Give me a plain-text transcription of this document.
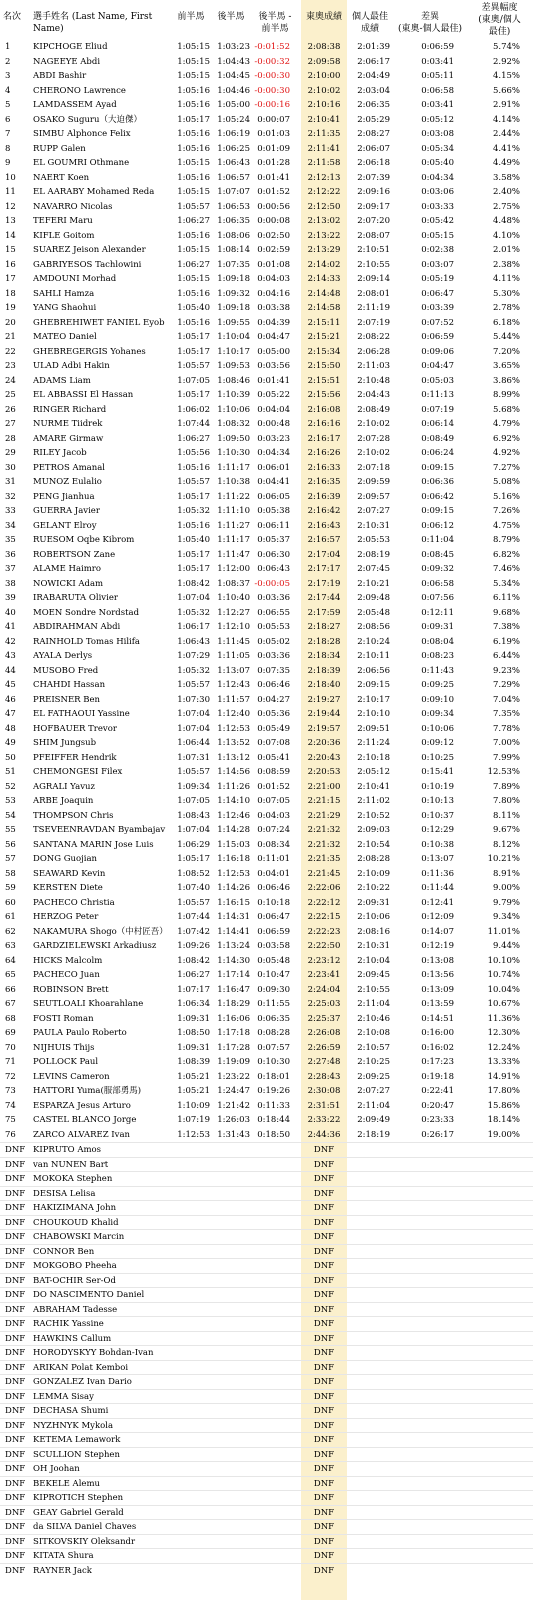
名次	選手姓名 (Last Name, First
Name)
前半馬	後半馬	後半馬 -
前半馬
東奧成績	個人最佳
成績
差異
(東奧-個人最佳)
差異幅度
(東奧/個人
最佳)
1	KIPCHOGE Eliud	1:05:15 1:03:23 -0:01:52	2:08:38	2:01:39	0:06:59	5.74%
2	NAGEEYE Abdi	1:05:15 1:04:43 -0:00:32	2:09:58	2:06:17	0:03:41	2.92%
3	ABDI Bashir	1:05:15 1:04:45 -0:00:30	2:10:00	2:04:49	0:05:11	4.15%
4	CHERONO Lawrence	1:05:16 1:04:46 -0:00:30	2:10:02	2:03:04	0:06:58	5.66%
5	LAMDASSEM Ayad	1:05:16 1:05:00 -0:00:16	2:10:16	2:06:35	0:03:41	2.91%
6	OSAKO Suguru（大迫傑）	1:05:17 1:05:24 0:00:07	2:10:41	2:05:29	0:05:12	4.14%
7	SIMBU Alphonce Felix	1:05:16 1:06:19 0:01:03	2:11:35	2:08:27	0:03:08	2.44%
8	RUPP Galen	1:05:16 1:06:25 0:01:09	2:11:41	2:06:07	0:05:34	4.41%
9	EL GOUMRI Othmane	1:05:15 1:06:43 0:01:28	2:11:58	2:06:18	0:05:40	4.49%
10	NAERT Koen	1:05:16 1:06:57 0:01:41	2:12:13	2:07:39	0:04:34	3.58%
11	EL AARABY Mohamed Reda	1:05:15 1:07:07 0:01:52	2:12:22	2:09:16	0:03:06	2.40%
12	NAVARRO Nicolas	1:05:57 1:06:53 0:00:56	2:12:50	2:09:17	0:03:33	2.75%
13	TEFERI Maru	1:06:27 1:06:35 0:00:08	2:13:02	2:07:20	0:05:42	4.48%
14	KIFLE Goitom	1:05:16 1:08:06 0:02:50	2:13:22	2:08:07	0:05:15	4.10%
15	SUAREZ Jeison Alexander	1:05:15 1:08:14 0:02:59	2:13:29	2:10:51	0:02:38	2.01%
16	GABRIYESOS Tachlowini	1:06:27 1:07:35 0:01:08	2:14:02	2:10:55	0:03:07	2.38%
17	AMDOUNI Morhad	1:05:15 1:09:18 0:04:03	2:14:33	2:09:14	0:05:19	4.11%
18	SAHLI Hamza	1:05:16 1:09:32 0:04:16	2:14:48	2:08:01	0:06:47	5.30%
19	YANG Shaohui	1:05:40 1:09:18 0:03:38	2:14:58	2:11:19	0:03:39	2.78%
20	GHEBREHIWET FANIEL Eyob	1:05:16 1:09:55 0:04:39	2:15:11	2:07:19	0:07:52	6.18%
21	MATEO Daniel	1:05:17 1:10:04 0:04:47	2:15:21	2:08:22	0:06:59	5.44%
22	GHEBREGERGIS Yohanes	1:05:17 1:10:17 0:05:00	2:15:34	2:06:28	0:09:06	7.20%
23	ULAD Adbi Hakin	1:05:57 1:09:53 0:03:56	2:15:50	2:11:03	0:04:47	3.65%
24	ADAMS Liam	1:07:05 1:08:46 0:01:41	2:15:51	2:10:48	0:05:03	3.86%
25	EL ABBASSI El Hassan	1:05:17 1:10:39 0:05:22	2:15:56	2:04:43	0:11:13	8.99%
26	RINGER Richard	1:06:02 1:10:06 0:04:04	2:16:08	2:08:49	0:07:19	5.68%
27	NURME Tiidrek	1:07:44 1:08:32 0:00:48	2:16:16	2:10:02	0:06:14	4.79%
28	AMARE Girmaw	1:06:27 1:09:50 0:03:23	2:16:17	2:07:28	0:08:49	6.92%
29	RILEY Jacob	1:05:56 1:10:30 0:04:34	2:16:26	2:10:02	0:06:24	4.92%
30	PETROS Amanal	1:05:16 1:11:17 0:06:01	2:16:33	2:07:18	0:09:15	7.27%
31	MUNOZ Eulalio	1:05:57 1:10:38 0:04:41	2:16:35	2:09:59	0:06:36	5.08%
32	PENG Jianhua	1:05:17 1:11:22 0:06:05	2:16:39	2:09:57	0:06:42	5.16%
33	GUERRA Javier	1:05:32 1:11:10 0:05:38	2:16:42	2:07:27	0:09:15	7.26%
34	GELANT Elroy	1:05:16 1:11:27 0:06:11	2:16:43	2:10:31	0:06:12	4.75%
35	RUESOM Oqbe Kibrom	1:05:40 1:11:17 0:05:37	2:16:57	2:05:53	0:11:04	8.79%
36	ROBERTSON Zane	1:05:17 1:11:47 0:06:30	2:17:04	2:08:19	0:08:45	6.82%
37	ALAME Haimro	1:05:17 1:12:00 0:06:43	2:17:17	2:07:45	0:09:32	7.46%
38	NOWICKI Adam	1:08:42 1:08:37 -0:00:05	2:17:19	2:10:21	0:06:58	5.34%
39	IRABARUTA Olivier	1:07:04 1:10:40 0:03:36	2:17:44	2:09:48	0:07:56	6.11%
40	MOEN Sondre Nordstad	1:05:32 1:12:27 0:06:55	2:17:59	2:05:48	0:12:11	9.68%
41	ABDIRAHMAN Abdi	1:06:17 1:12:10 0:05:53	2:18:27	2:08:56	0:09:31	7.38%
42	RAINHOLD Tomas Hilifa	1:06:43 1:11:45 0:05:02	2:18:28	2:10:24	0:08:04	6.19%
43	AYALA Derlys	1:07:29 1:11:05 0:03:36	2:18:34	2:10:11	0:08:23	6.44%
44	MUSOBO Fred	1:05:32 1:13:07 0:07:35	2:18:39	2:06:56	0:11:43	9.23%
45	CHAHDI Hassan	1:05:57 1:12:43 0:06:46	2:18:40	2:09:15	0:09:25	7.29%
46	PREISNER Ben	1:07:30 1:11:57 0:04:27	2:19:27	2:10:17	0:09:10	7.04%
47	EL FATHAOUI Yassine	1:07:04 1:12:40 0:05:36	2:19:44	2:10:10	0:09:34	7.35%
48	HOFBAUER Trevor	1:07:04 1:12:53 0:05:49	2:19:57	2:09:51	0:10:06	7.78%
49	SHIM Jungsub	1:06:44 1:13:52 0:07:08	2:20:36	2:11:24	0:09:12	7.00%
50	PFEIFFER Hendrik	1:07:31 1:13:12 0:05:41	2:20:43	2:10:18	0:10:25	7.99%
51	CHEMONGESI Filex	1:05:57 1:14:56 0:08:59	2:20:53	2:05:12	0:15:41	12.53%
52	AGRALI Yavuz	1:09:34 1:11:26 0:01:52	2:21:00	2:10:41	0:10:19	7.89%
53	ARBE Joaquin	1:07:05 1:14:10 0:07:05	2:21:15	2:11:02	0:10:13	7.80%
54	THOMPSON Chris	1:08:43 1:12:46 0:04:03	2:21:29	2:10:52	0:10:37	8.11%
55	TSEVEENRAVDAN Byambajav	1:07:04 1:14:28 0:07:24	2:21:32	2:09:03	0:12:29	9.67%
56	SANTANA MARIN Jose Luis	1:06:29 1:15:03 0:08:34	2:21:32	2:10:54	0:10:38	8.12%
57	DONG Guojian	1:05:17 1:16:18 0:11:01	2:21:35	2:08:28	0:13:07	10.21%
58	SEAWARD Kevin	1:08:52 1:12:53 0:04:01	2:21:45	2:10:09	0:11:36	8.91%
59	KERSTEN Diete	1:07:40 1:14:26 0:06:46	2:22:06	2:10:22	0:11:44	9.00%
60	PACHECO Christia	1:05:57 1:16:15 0:10:18	2:22:12	2:09:31	0:12:41	9.79%
61	HERZOG Peter	1:07:44 1:14:31 0:06:47	2:22:15	2:10:06	0:12:09	9.34%
62	NAKAMURA Shogo（中村匠吾）	1:07:42 1:14:41 0:06:59	2:22:23	2:08:16	0:14:07	11.01%
63	GARDZIELEWSKI Arkadiusz	1:09:26 1:13:24 0:03:58	2:22:50	2:10:31	0:12:19	9.44%
64	HICKS Malcolm	1:08:42 1:14:30 0:05:48	2:23:12	2:10:04	0:13:08	10.10%
65	PACHECO Juan	1:06:27 1:17:14 0:10:47	2:23:41	2:09:45	0:13:56	10.74%
66	ROBINSON Brett	1:07:17 1:16:47 0:09:30	2:24:04	2:10:55	0:13:09	10.04%
67	SEUTLOALI Khoarahlane	1:06:34 1:18:29 0:11:55	2:25:03	2:11:04	0:13:59	10.67%
68	FOSTI Roman	1:09:31 1:16:06 0:06:35	2:25:37	2:10:46	0:14:51	11.36%
69	PAULA Paulo Roberto	1:08:50 1:17:18 0:08:28	2:26:08	2:10:08	0:16:00	12.30%
70	NIJHUIS Thijs	1:09:31 1:17:28 0:07:57	2:26:59	2:10:57	0:16:02	12.24%
71	POLLOCK Paul	1:08:39 1:19:09 0:10:30	2:27:48	2:10:25	0:17:23	13.33%
72	LEVINS Cameron	1:05:21 1:23:22 0:18:01	2:28:43	2:09:25	0:19:18	14.91%
73	HATTORI Yuma(服部勇馬)	1:05:21 1:24:47 0:19:26	2:30:08	2:07:27	0:22:41	17.80%
74	ESPARZA Jesus Arturo	1:10:09 1:21:42 0:11:33	2:31:51	2:11:04	0:20:47	15.86%
75	CASTEL BLANCO Jorge	1:07:19 1:26:03 0:18:44	2:33:22	2:09:49	0:23:33	18.14%
76	ZARCO ALVAREZ Ivan	1:12:53 1:31:43 0:18:50	2:44:36	2:18:19	0:26:17	19.00%
DNF KIPRUTO Amos	DNF
DNF van NUNEN Bart	DNF
DNF MOKOKA Stephen	DNF
DNF DESISA Lelisa	DNF
DNF HAKIZIMANA John	DNF
DNF CHOUKOUD Khalid	DNF
DNF CHABOWSKI Marcin	DNF
DNF CONNOR Ben	DNF
DNF MOKGOBO Pheeha	DNF
DNF BAT-OCHIR Ser-Od	DNF
DNF DO NASCIMENTO Daniel	DNF
DNF ABRAHAM Tadesse	DNF
DNF RACHIK Yassine	DNF
DNF HAWKINS Callum	DNF
DNF HORODYSKYY Bohdan-Ivan	DNF
DNF ARIKAN Polat Kemboi	DNF
DNF GONZALEZ Ivan Dario	DNF
DNF LEMMA Sisay	DNF
DNF DECHASA Shumi	DNF
DNF NYZHNYK Mykola	DNF
DNF KETEMA Lemawork	DNF
DNF SCULLION Stephen	DNF
DNF OH Joohan	DNF
DNF BEKELE Alemu	DNF
DNF KIPROTICH Stephen	DNF
DNF GEAY Gabriel Gerald	DNF
DNF da SILVA Daniel Chaves	DNF
DNF SITKOVSKIY Oleksandr	DNF
DNF KITATA Shura	DNF
DNF RAYNER Jack	DNF
